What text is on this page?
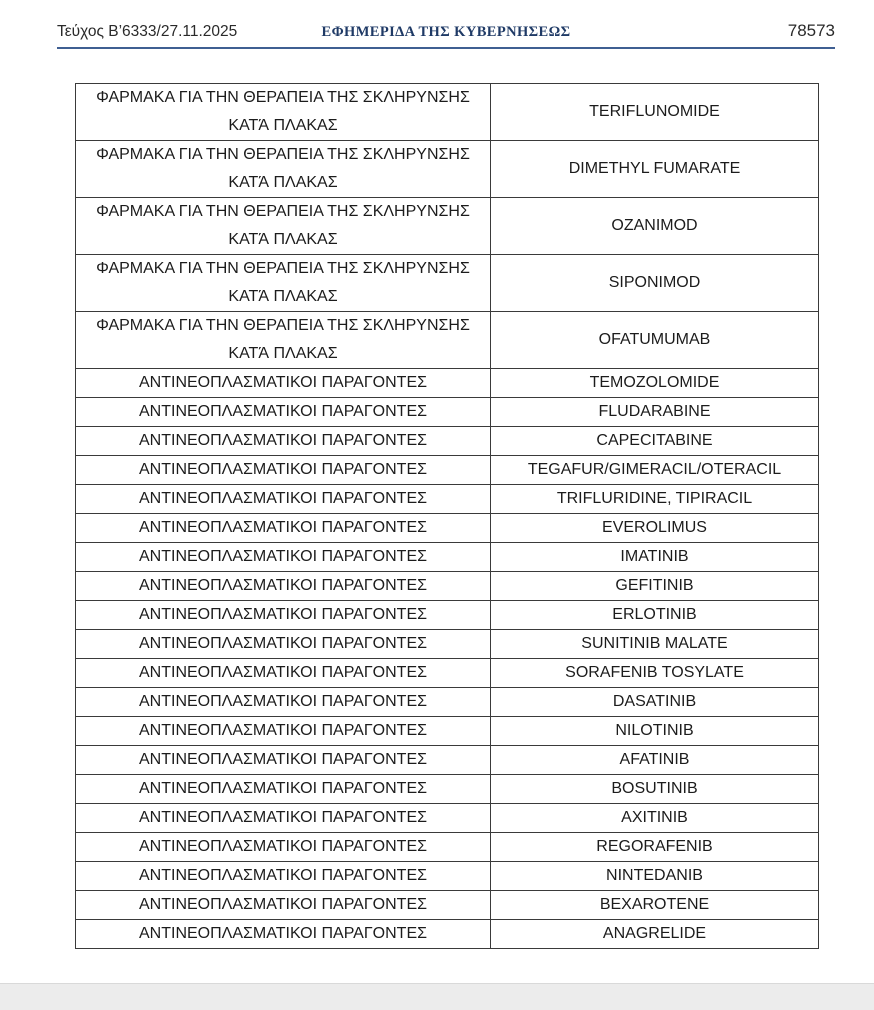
Τεύχος Β’6333/27.11.2025	ΕΦΗΜΕΡΙΔΑ ΤΗΣ ΚΥΒΕΡΝΗΣΕΩΣ	78573
ΦΑΡΜΑΚΑ ΓΙΑ ΤΗΝ ΘΕΡΑΠΕΙΑ ΤΗΣ ΣΚΛΗΡΥΝΣΗΣ ΚΑΤΆ ΠΛΑΚΑΣ	TERIFLUNOMIDE
ΦΑΡΜΑΚΑ ΓΙΑ ΤΗΝ ΘΕΡΑΠΕΙΑ ΤΗΣ ΣΚΛΗΡΥΝΣΗΣ ΚΑΤΆ ΠΛΑΚΑΣ	DIMETHYL FUMARATE
ΦΑΡΜΑΚΑ ΓΙΑ ΤΗΝ ΘΕΡΑΠΕΙΑ ΤΗΣ ΣΚΛΗΡΥΝΣΗΣ ΚΑΤΆ ΠΛΑΚΑΣ	OZANIMOD
ΦΑΡΜΑΚΑ ΓΙΑ ΤΗΝ ΘΕΡΑΠΕΙΑ ΤΗΣ ΣΚΛΗΡΥΝΣΗΣ ΚΑΤΆ ΠΛΑΚΑΣ	SIPONIMOD
ΦΑΡΜΑΚΑ ΓΙΑ ΤΗΝ ΘΕΡΑΠΕΙΑ ΤΗΣ ΣΚΛΗΡΥΝΣΗΣ ΚΑΤΆ ΠΛΑΚΑΣ	OFATUMUMAB
ΑΝΤΙΝΕΟΠΛΑΣΜΑΤΙΚΟΙ ΠΑΡΑΓΟΝΤΕΣ	TEMOZOLOMIDE
ΑΝΤΙΝΕΟΠΛΑΣΜΑΤΙΚΟΙ ΠΑΡΑΓΟΝΤΕΣ	FLUDARABINE
ΑΝΤΙΝΕΟΠΛΑΣΜΑΤΙΚΟΙ ΠΑΡΑΓΟΝΤΕΣ	CAPECITABINE
ΑΝΤΙΝΕΟΠΛΑΣΜΑΤΙΚΟΙ ΠΑΡΑΓΟΝΤΕΣ	TEGAFUR/GIMERACIL/OTERACIL
ΑΝΤΙΝΕΟΠΛΑΣΜΑΤΙΚΟΙ ΠΑΡΑΓΟΝΤΕΣ	TRIFLURIDINE, TIPIRACIL
ΑΝΤΙΝΕΟΠΛΑΣΜΑΤΙΚΟΙ ΠΑΡΑΓΟΝΤΕΣ	EVEROLIMUS
ΑΝΤΙΝΕΟΠΛΑΣΜΑΤΙΚΟΙ ΠΑΡΑΓΟΝΤΕΣ	IMATINIB
ΑΝΤΙΝΕΟΠΛΑΣΜΑΤΙΚΟΙ ΠΑΡΑΓΟΝΤΕΣ	GEFITINIB
ΑΝΤΙΝΕΟΠΛΑΣΜΑΤΙΚΟΙ ΠΑΡΑΓΟΝΤΕΣ	ERLOTINIB
ΑΝΤΙΝΕΟΠΛΑΣΜΑΤΙΚΟΙ ΠΑΡΑΓΟΝΤΕΣ	SUNITINIB MALATE
ΑΝΤΙΝΕΟΠΛΑΣΜΑΤΙΚΟΙ ΠΑΡΑΓΟΝΤΕΣ	SORAFENIB TOSYLATE
ΑΝΤΙΝΕΟΠΛΑΣΜΑΤΙΚΟΙ ΠΑΡΑΓΟΝΤΕΣ	DASATINIB
ΑΝΤΙΝΕΟΠΛΑΣΜΑΤΙΚΟΙ ΠΑΡΑΓΟΝΤΕΣ	NILOTINIB
ΑΝΤΙΝΕΟΠΛΑΣΜΑΤΙΚΟΙ ΠΑΡΑΓΟΝΤΕΣ	AFATINIB
ΑΝΤΙΝΕΟΠΛΑΣΜΑΤΙΚΟΙ ΠΑΡΑΓΟΝΤΕΣ	BOSUTINIB
ΑΝΤΙΝΕΟΠΛΑΣΜΑΤΙΚΟΙ ΠΑΡΑΓΟΝΤΕΣ	AXITINIB
ΑΝΤΙΝΕΟΠΛΑΣΜΑΤΙΚΟΙ ΠΑΡΑΓΟΝΤΕΣ	REGORAFENIB
ΑΝΤΙΝΕΟΠΛΑΣΜΑΤΙΚΟΙ ΠΑΡΑΓΟΝΤΕΣ	NINTEDANIB
ΑΝΤΙΝΕΟΠΛΑΣΜΑΤΙΚΟΙ ΠΑΡΑΓΟΝΤΕΣ	BEXAROTENE
ΑΝΤΙΝΕΟΠΛΑΣΜΑΤΙΚΟΙ ΠΑΡΑΓΟΝΤΕΣ	ANAGRELIDE
